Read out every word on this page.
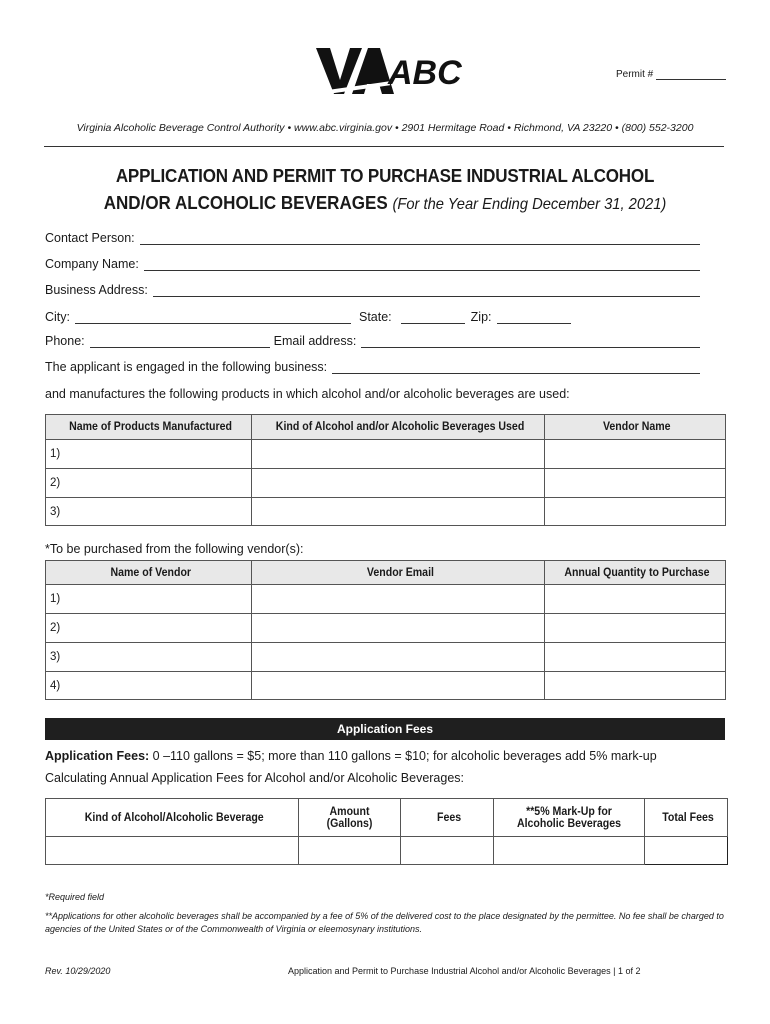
ABC	Permit #
Virginia Alcoholic Beverage Control Authority • www.abc.virginia.gov • 2901 Hermitage Road • Richmond, VA 23220 • (800) 552-3200
APPLICATION AND PERMIT TO PURCHASE INDUSTRIAL ALCOHOL
AND/OR ALCOHOLIC BEVERAGES (For the Year Ending December 31, 2021)
Contact Person:
Company Name:
Business Address:
City:	State:	Zip:
Phone:	Email address:
The applicant is engaged in the following business:
and manufactures the following products in which alcohol and/or alcoholic beverages are used:
Name of Products Manufactured	Kind of Alcohol and/or Alcoholic Beverages Used	Vendor Name
1)		
2)		
3)		
*To be purchased from the following vendor(s):
Name of Vendor	Vendor Email	Annual Quantity to Purchase
1)		
2)		
3)		
4)		
Application Fees
Application Fees: 0 –110 gallons = $5; more than 110 gallons = $10; for alcoholic beverages add 5% mark-up
Calculating Annual Application Fees for Alcohol and/or Alcoholic Beverages:
Kind of Alcohol/Alcoholic Beverage	Amount (Gallons)	Fees	**5% Mark-Up for Alcoholic Beverages	Total Fees

*Required field
**Applications for other alcoholic beverages shall be accompanied by a fee of 5% of the delivered cost to the place designated by the permittee. No fee shall be charged to agencies of the United States or of the Commonwealth of Virginia or eleemosynary institutions.
Rev. 10/29/2020	Application and Permit to Purchase Industrial Alcohol and/or Alcoholic Beverages | 1 of 2
